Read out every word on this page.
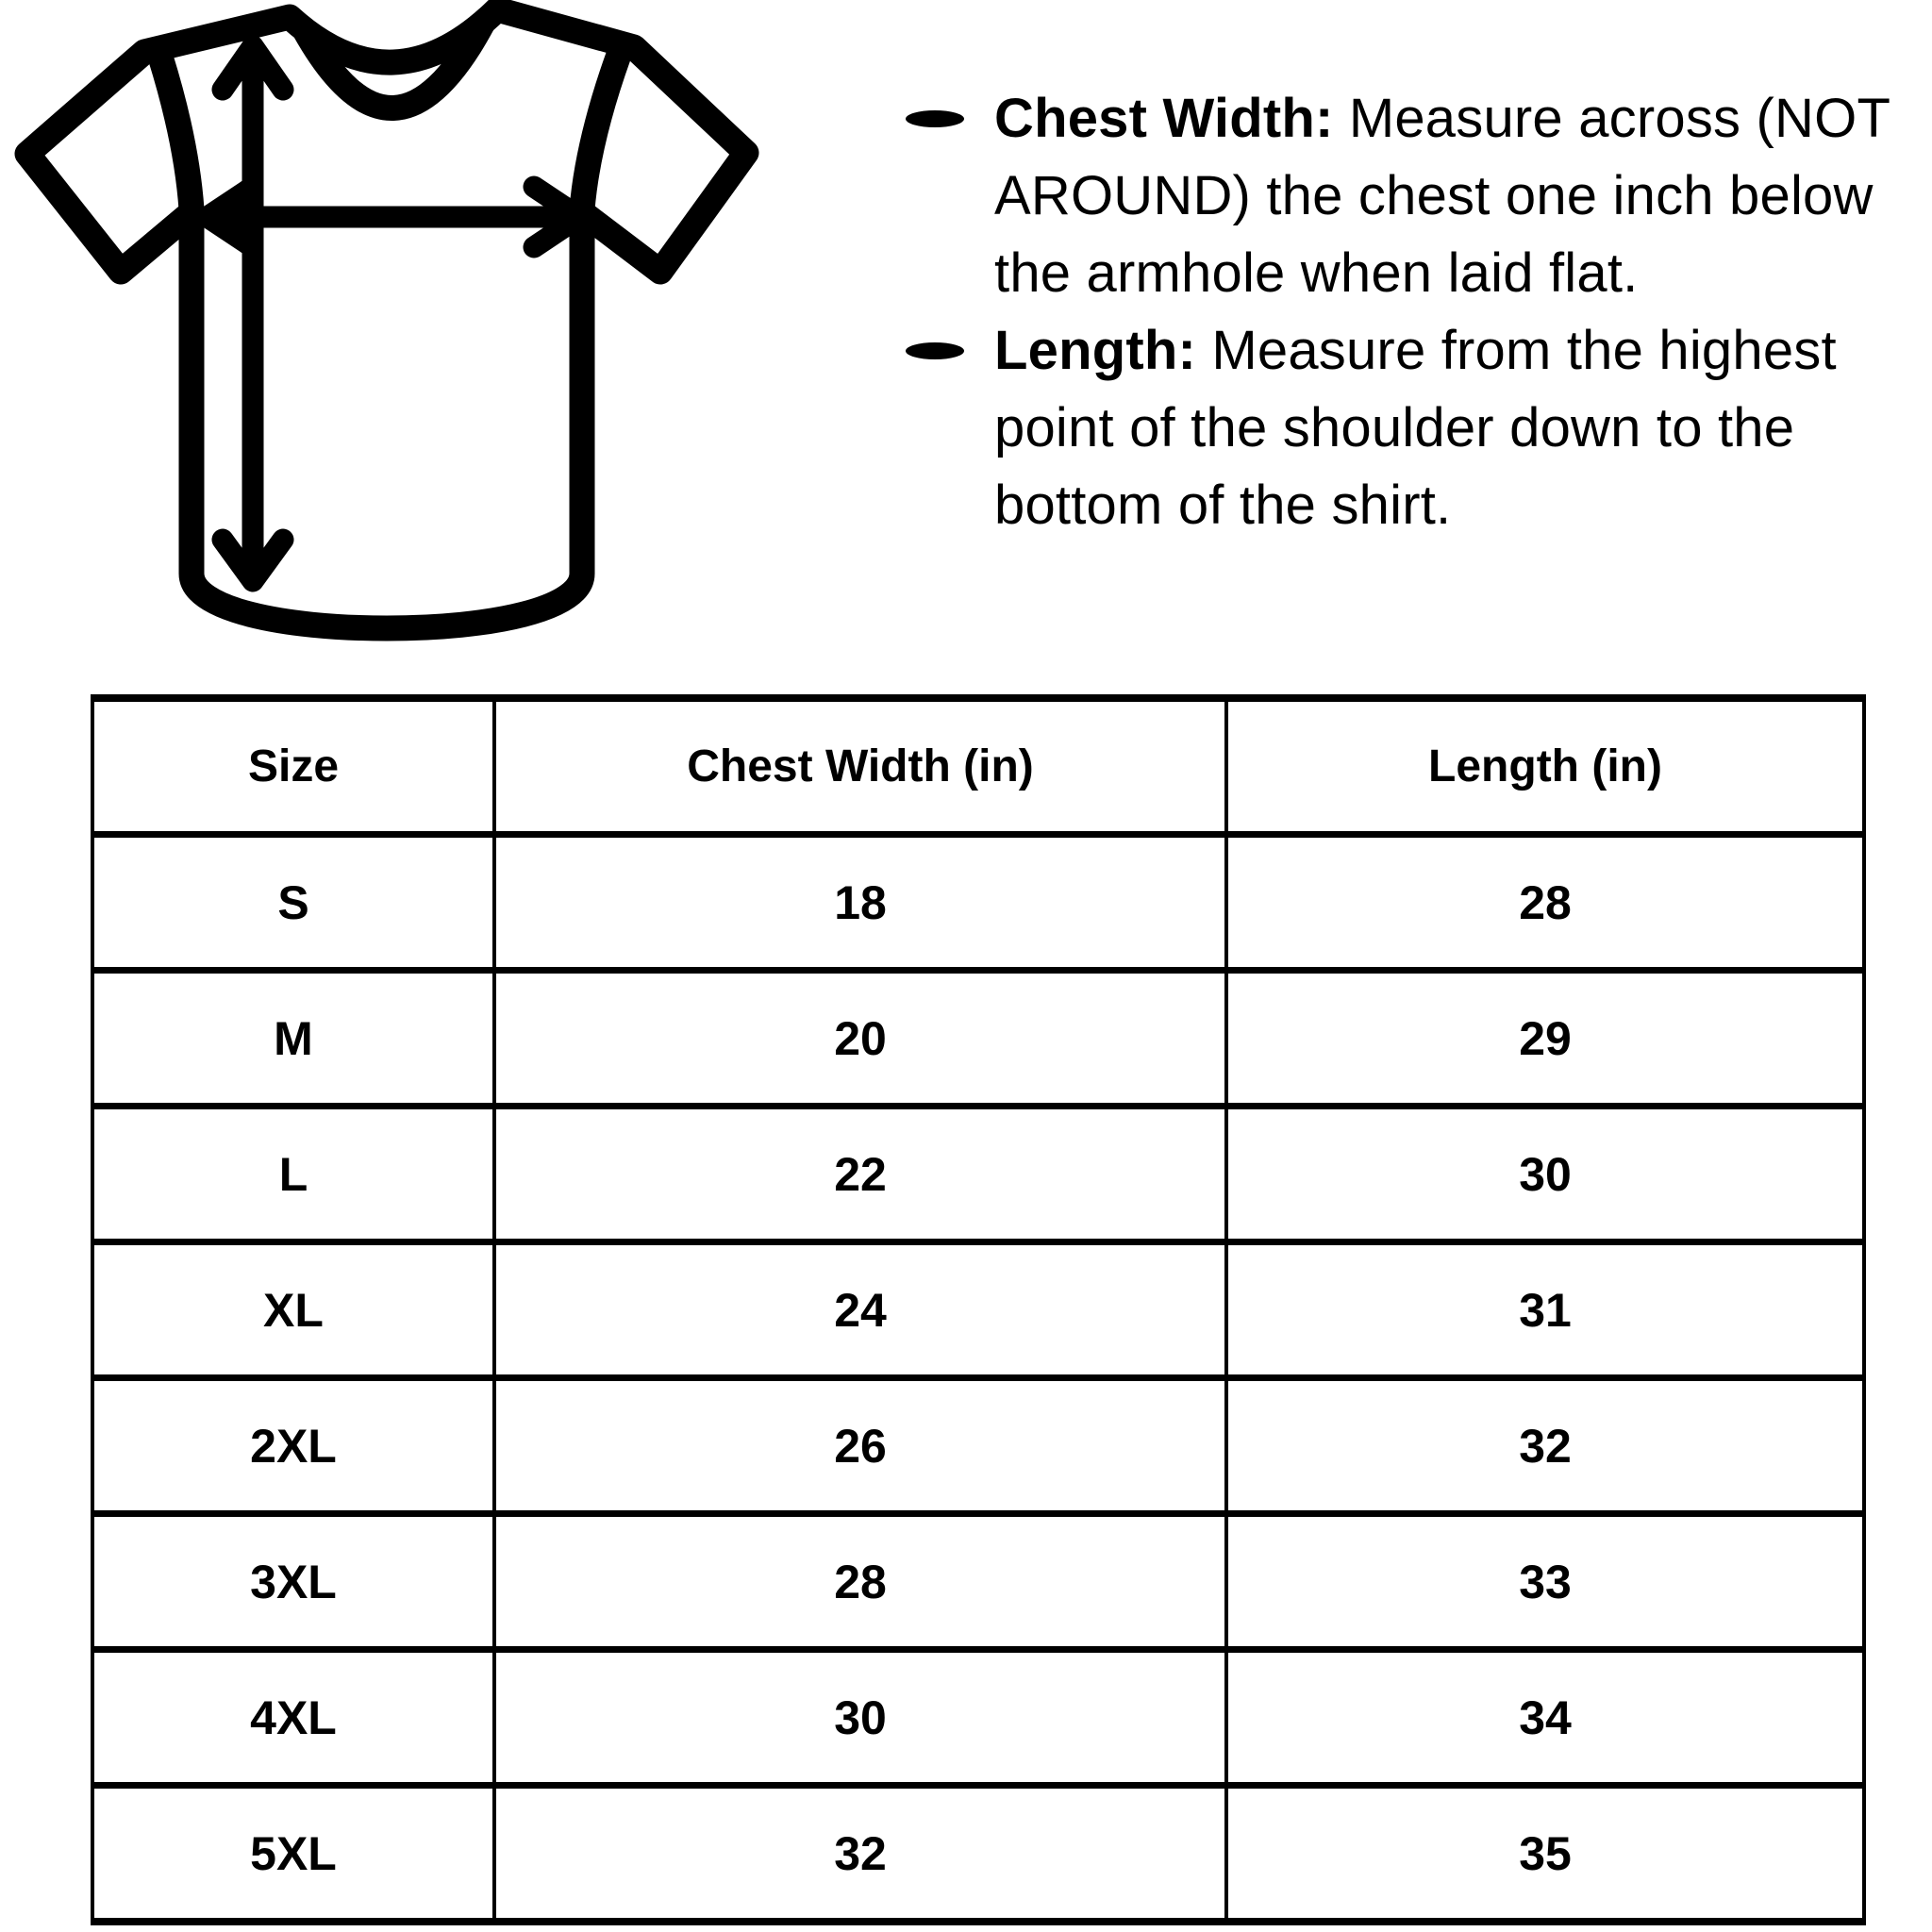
Chest Width: Measure across (NOT AROUND) the chest one inch below the armhole when laid flat.

Length: Measure from the highest point of the shoulder down to the bottom of the shirt.

Size	Chest Width (in)	Length (in)
S	18	28
M	20	29
L	22	30
XL	24	31
2XL	26	32
3XL	28	33
4XL	30	34
5XL	32	35
